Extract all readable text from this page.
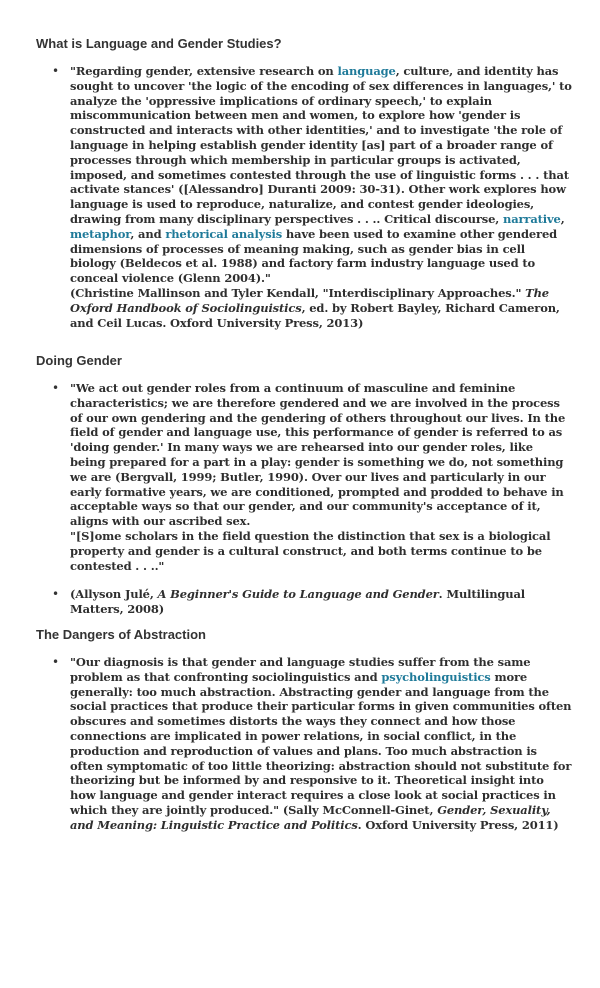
What is Language and Gender Studies?
• "Regarding gender, extensive research on language, culture, and identity has sought to uncover 'the logic of the encoding of sex differences in languages,' to analyze the 'oppressive implications of ordinary speech,' to explain miscommunication between men and women, to explore how 'gender is constructed and interacts with other identities,' and to investigate 'the role of language in helping establish gender identity [as] part of a broader range of processes through which membership in particular groups is activated, imposed, and sometimes contested through the use of linguistic forms . . . that activate stances' ([Alessandro] Duranti 2009: 30-31). Other work explores how language is used to reproduce, naturalize, and contest gender ideologies, drawing from many disciplinary perspectives . . .. Critical discourse, narrative, metaphor, and rhetorical analysis have been used to examine other gendered dimensions of processes of meaning making, such as gender bias in cell biology (Beldecos et al. 1988) and factory farm industry language used to conceal violence (Glenn 2004)."
(Christine Mallinson and Tyler Kendall, "Interdisciplinary Approaches." The Oxford Handbook of Sociolinguistics, ed. by Robert Bayley, Richard Cameron, and Ceil Lucas. Oxford University Press, 2013)
Doing Gender
• "We act out gender roles from a continuum of masculine and feminine characteristics; we are therefore gendered and we are involved in the process of our own gendering and the gendering of others throughout our lives. In the field of gender and language use, this performance of gender is referred to as 'doing gender.' In many ways we are rehearsed into our gender roles, like being prepared for a part in a play: gender is something we do, not something we are (Bergvall, 1999; Butler, 1990). Over our lives and particularly in our early formative years, we are conditioned, prompted and prodded to behave in acceptable ways so that our gender, and our community's acceptance of it, aligns with our ascribed sex.
"[S]ome scholars in the field question the distinction that sex is a biological property and gender is a cultural construct, and both terms continue to be contested . . .."
• (Allyson Julé, A Beginner's Guide to Language and Gender. Multilingual Matters, 2008)
The Dangers of Abstraction
• "Our diagnosis is that gender and language studies suffer from the same problem as that confronting sociolinguistics and psycholinguistics more generally: too much abstraction. Abstracting gender and language from the social practices that produce their particular forms in given communities often obscures and sometimes distorts the ways they connect and how those connections are implicated in power relations, in social conflict, in the production and reproduction of values and plans. Too much abstraction is often symptomatic of too little theorizing: abstraction should not substitute for theorizing but be informed by and responsive to it. Theoretical insight into how language and gender interact requires a close look at social practices in which they are jointly produced." (Sally McConnell-Ginet, Gender, Sexuality, and Meaning: Linguistic Practice and Politics. Oxford University Press, 2011)
